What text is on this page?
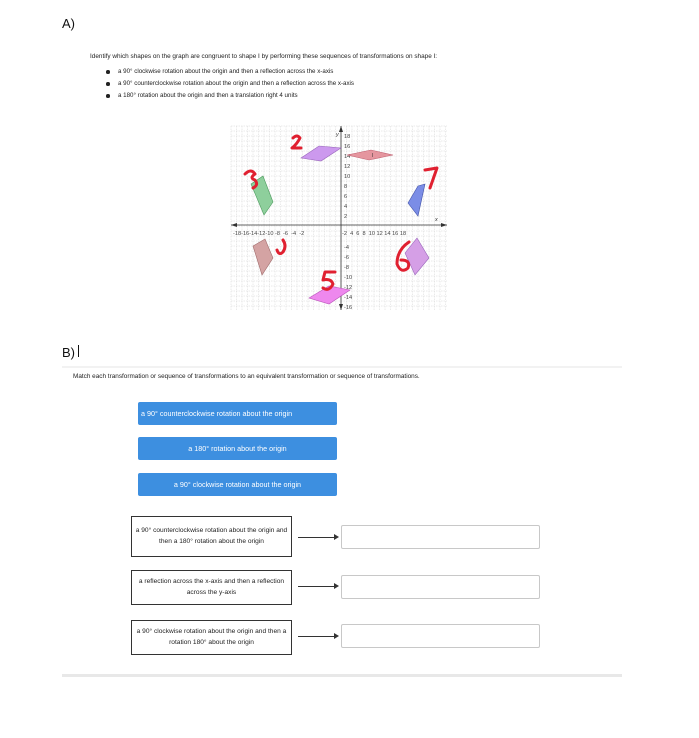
A)
Identify which shapes on the graph are congruent to shape I by performing these sequences of transformations on shape I:
a 90° clockwise rotation about the origin and then a reflection across the x-axis
a 90° counterclockwise rotation about the origin and then a reflection across the x-axis
a 180° rotation about the origin and then a translation right 4 units
y
x
18
16
14
12
10
8
6
4
2
-4
-6
-8
-10
-12
-14
-16
-18-16-14-12-10 -8  -6  -4  -2	-2  4  6  8  10 12 14 16 18
I
B)
Match each transformation or sequence of transformations to an equivalent transformation or sequence of transformations.
a 90° counterclockwise rotation about the origin
a 180° rotation about the origin
a 90° clockwise rotation about the origin
a 90° counterclockwise rotation about the origin and then a 180° rotation about the origin
a reflection across the x-axis and then a reflection across the y-axis
a 90° clockwise rotation about the origin and then a rotation 180° about the origin
